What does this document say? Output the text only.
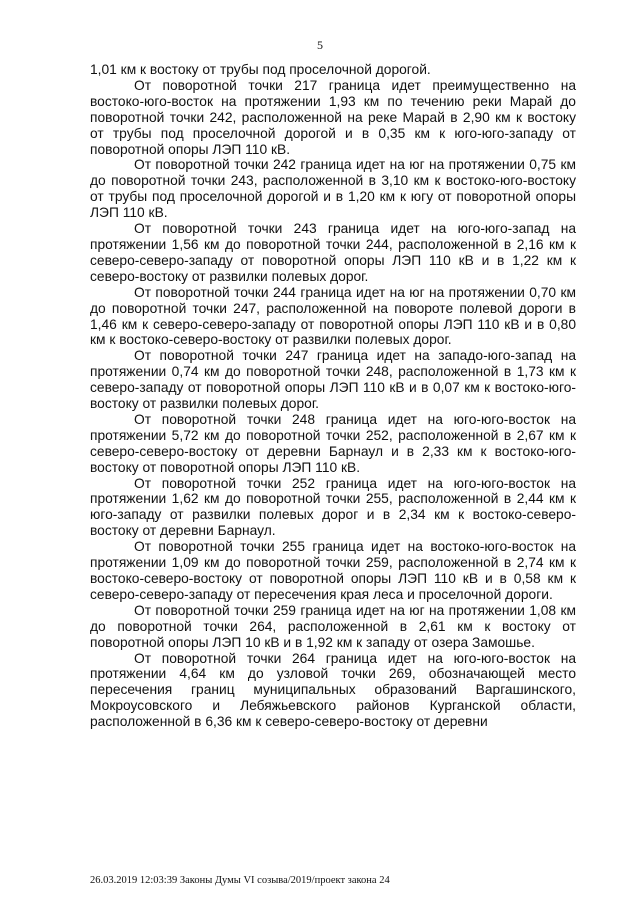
5

1,01 км к востоку от трубы под проселочной дорогой.

От поворотной точки 217 граница идет преимущественно на востоко-юго-восток на протяжении 1,93 км по течению реки Марай до поворотной точки 242, расположенной на реке Марай в 2,90 км к востоку от трубы под проселочной дорогой и в 0,35 км к юго-юго-западу от поворотной опоры ЛЭП 110 кВ.

От поворотной точки 242 граница идет на юг на протяжении 0,75 км до поворотной точки 243, расположенной в 3,10 км к востоко-юго-востоку от трубы под проселочной дорогой и в 1,20 км к югу от поворотной опоры ЛЭП 110 кВ.

От поворотной точки 243 граница идет на юго-юго-запад на протяжении 1,56 км до поворотной точки 244, расположенной в 2,16 км к северо-северо-западу от поворотной опоры ЛЭП 110 кВ и в 1,22 км к северо-востоку от развилки полевых дорог.

От поворотной точки 244 граница идет на юг на протяжении 0,70 км до поворотной точки 247, расположенной на повороте полевой дороги в 1,46 км к северо-северо-западу от поворотной опоры ЛЭП 110 кВ и в 0,80 км к востоко-северо-востоку от развилки полевых дорог.

От поворотной точки 247 граница идет на западо-юго-запад на протяжении 0,74 км до поворотной точки 248, расположенной в 1,73 км к северо-западу от поворотной опоры ЛЭП 110 кВ и в 0,07 км к востоко-юго-востоку от развилки полевых дорог.

От поворотной точки 248 граница идет на юго-юго-восток на протяжении 5,72 км до поворотной точки 252, расположенной в 2,67 км к северо-северо-востоку от деревни Барнаул и в 2,33 км к востоко-юго-востоку от поворотной опоры ЛЭП 110 кВ.

От поворотной точки 252 граница идет на юго-юго-восток на протяжении 1,62 км до поворотной точки 255, расположенной в 2,44 км к юго-западу от развилки полевых дорог и в 2,34 км к востоко-северо-востоку от деревни Барнаул.

От поворотной точки 255 граница идет на востоко-юго-восток на протяжении 1,09 км до поворотной точки 259, расположенной в 2,74 км к востоко-северо-востоку от поворотной опоры ЛЭП 110 кВ и в 0,58 км к северо-северо-западу от пересечения края леса и проселочной дороги.

От поворотной точки 259 граница идет на юг на протяжении 1,08 км до поворотной точки 264, расположенной в 2,61 км к востоку от поворотной опоры ЛЭП 10 кВ и в 1,92 км к западу от озера Замошье.

От поворотной точки 264 граница идет на юго-юго-восток на протяжении 4,64 км до узловой точки 269, обозначающей место пересечения границ муниципальных образований Варгашинского, Мокроусовского и Лебяжьевского районов Курганской области, расположенной в 6,36 км к северо-северо-востоку от деревни

26.03.2019 12:03:39 Законы Думы VI созыва/2019/проект закона 24
